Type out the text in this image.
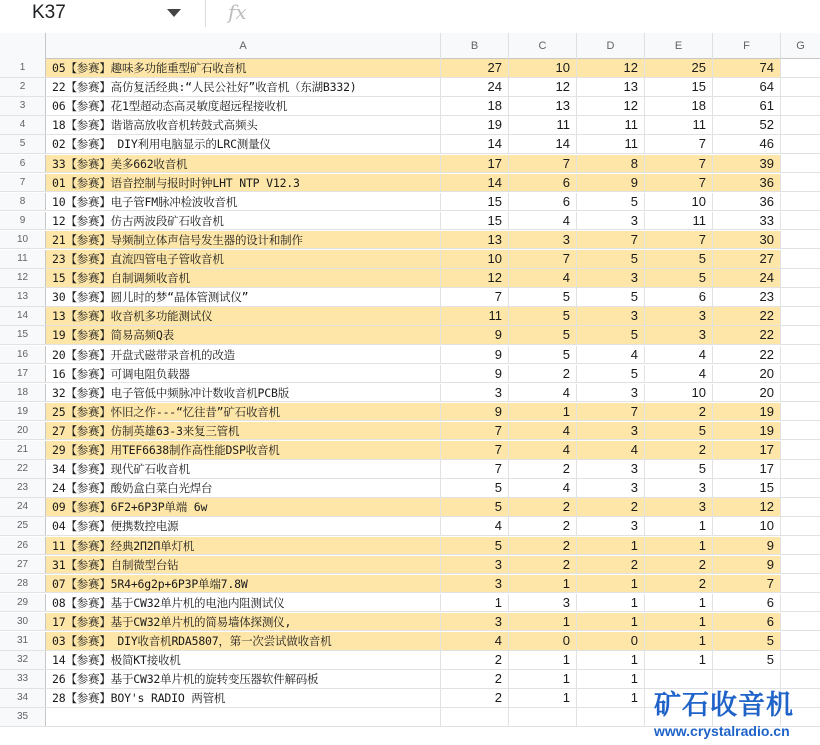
K37	fx
A	B	C	D	E	F	G
1	05【参赛】趣味多功能重型矿石收音机	27	10	12	25	74
2	22【参赛】高仿复活经典:“人民公社好”收音机（东湖B332)	24	12	13	15	64
3	06【参赛】花1型超动态高灵敏度超远程接收机	18	13	12	18	61
4	18【参赛】谐谐高放收音机转鼓式高频头	19	11	11	11	52
5	02【参赛】 DIY利用电脑显示的LRC测量仪	14	14	11	7	46
6	33【参赛】美多662收音机	17	7	8	7	39
7	01【参赛】语音控制与报时时钟LHT NTP V12.3	14	6	9	7	36
8	10【参赛】电子管FM脉冲检波收音机	15	6	5	10	36
9	12【参赛】仿古两波段矿石收音机	15	4	3	11	33
10	21【参赛】导频制立体声信号发生器的设计和制作	13	3	7	7	30
11	23【参赛】直流四管电子管收音机	10	7	5	5	27
12	15【参赛】自制调频收音机	12	4	3	5	24
13	30【参赛】圆儿时的梦“晶体管测试仪”	7	5	5	6	23
14	13【参赛】收音机多功能测试仪	11	5	3	3	22
15	19【参赛】简易高频Q表	9	5	5	3	22
16	20【参赛】开盘式磁带录音机的改造	9	5	4	4	22
17	16【参赛】可调电阻负载器	9	2	5	4	20
18	32【参赛】电子管低中频脉冲计数收音机PCB版	3	4	3	10	20
19	25【参赛】怀旧之作---“忆往昔”矿石收音机	9	1	7	2	19
20	27【参赛】仿制英雄63-3来复三管机	7	4	3	5	19
21	29【参赛】用TEF6638制作高性能DSP收音机	7	4	4	2	17
22	34【参赛】现代矿石收音机	7	2	3	5	17
23	24【参赛】酸奶盒白菜白光焊台	5	4	3	3	15
24	09【参赛】6F2+6P3P单端 6w	5	2	2	3	12
25	04【参赛】便携数控电源	4	2	3	1	10
26	11【参赛】经典2Π2Π单灯机	5	2	1	1	9
27	31【参赛】自制微型台钻	3	2	2	2	9
28	07【参赛】5R4+6g2p+6P3P单端7.8W	3	1	1	2	7
29	08【参赛】基于CW32单片机的电池内阻测试仪	1	3	1	1	6
30	17【参赛】基于CW32单片机的简易墙体探测仪,	3	1	1	1	6
31	03【参赛】 DIY收音机RDA5807，第一次尝试做收音机	4	0	0	1	5
32	14【参赛】极简KT接收机	2	1	1	1	5
33	26【参赛】基于CW32单片机的旋转变压器软件解码板	2	1	1
34	28【参赛】BOY's RADIO 两管机	2	1	1
35	矿石收音机
www.crystalradio.cn
